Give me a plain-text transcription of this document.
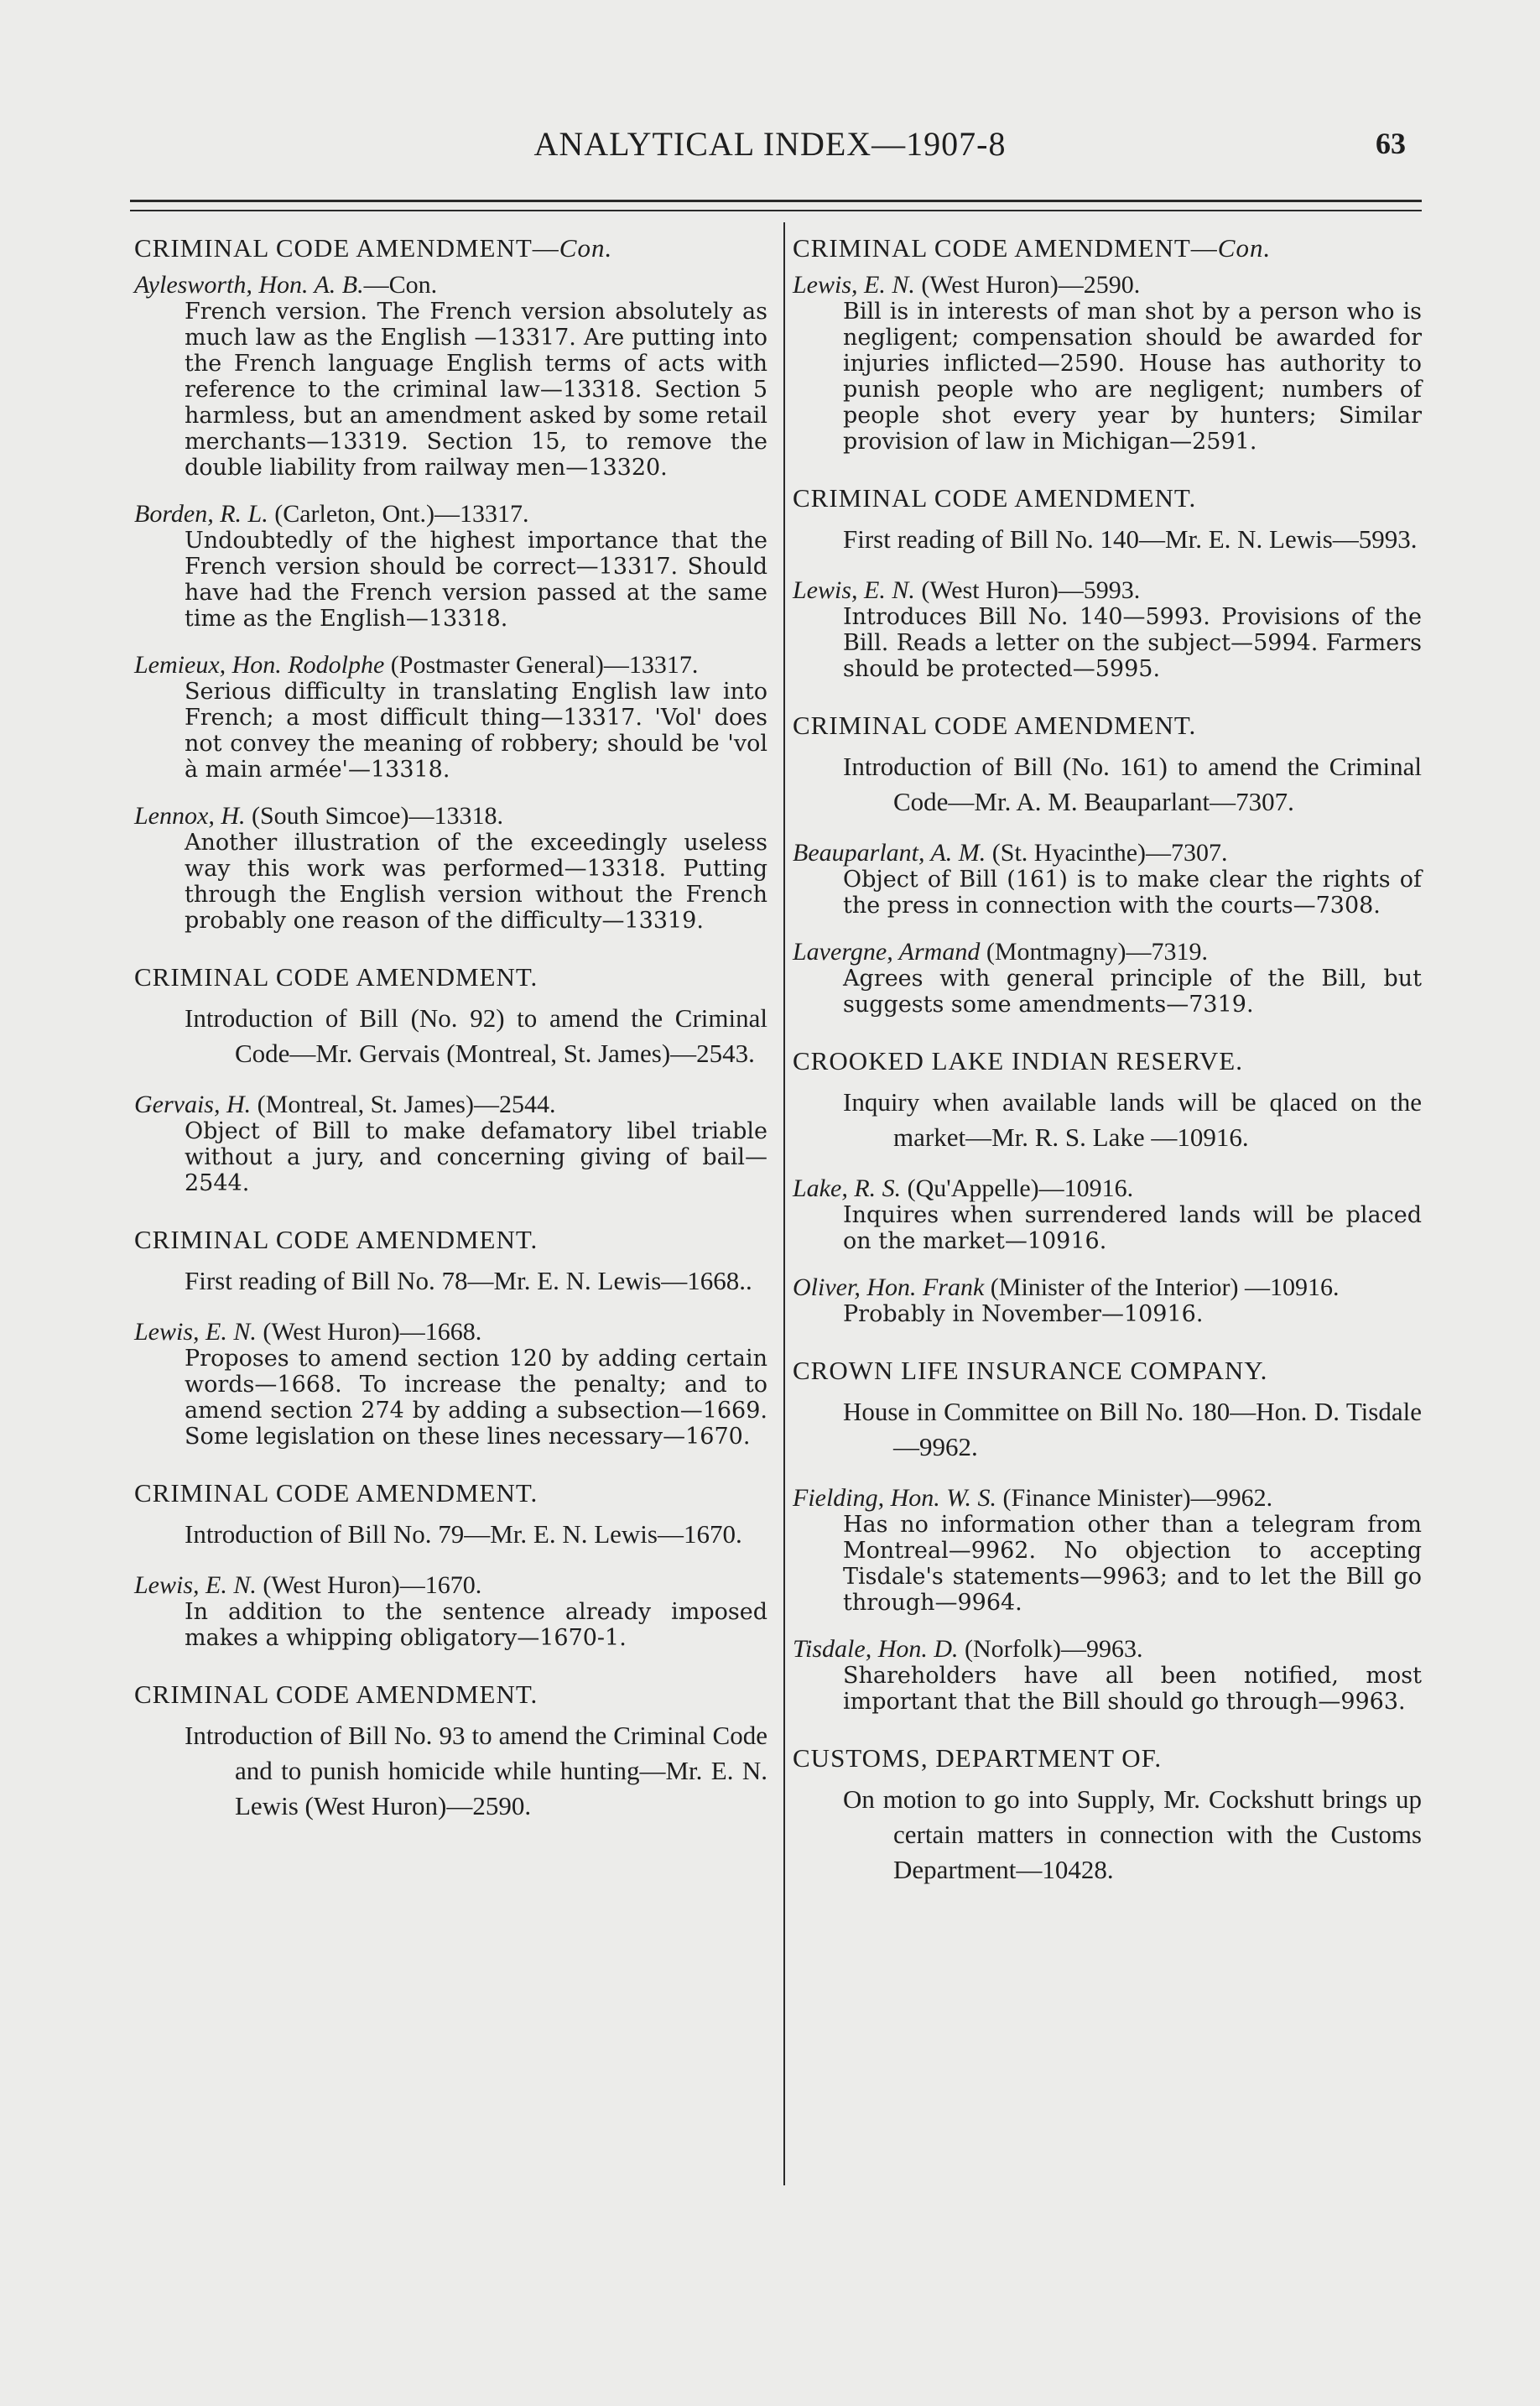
ANALYTICAL INDEX—1907-8	63
CRIMINAL CODE AMENDMENT—Con.
Aylesworth, Hon. A. B.—Con.
French version. The French version absolutely as much law as the English —13317. Are putting into the French language English terms of acts with reference to the criminal law—13318. Section 5 harmless, but an amendment asked by some retail merchants—13319. Section 15, to remove the double liability from railway men—13320.
Borden, R. L. (Carleton, Ont.)—13317.
Undoubtedly of the highest importance that the French version should be correct—13317. Should have had the French version passed at the same time as the English—13318.
Lemieux, Hon. Rodolphe (Postmaster General)—13317.
Serious difficulty in translating English law into French; a most difficult thing—13317. 'Vol' does not convey the meaning of robbery; should be 'vol à main armée'—13318.
Lennox, H. (South Simcoe)—13318.
Another illustration of the exceedingly useless way this work was performed—13318. Putting through the English version without the French probably one reason of the difficulty—13319.
CRIMINAL CODE AMENDMENT.
Introduction of Bill (No. 92) to amend the Criminal Code—Mr. Gervais (Montreal, St. James)—2543.
Gervais, H. (Montreal, St. James)—2544.
Object of Bill to make defamatory libel triable without a jury, and concerning giving of bail—2544.
CRIMINAL CODE AMENDMENT.
First reading of Bill No. 78—Mr. E. N. Lewis—1668..
Lewis, E. N. (West Huron)—1668.
Proposes to amend section 120 by adding certain words—1668. To increase the penalty; and to amend section 274 by adding a subsection—1669. Some legislation on these lines necessary—1670.
CRIMINAL CODE AMENDMENT.
Introduction of Bill No. 79—Mr. E. N. Lewis—1670.
Lewis, E. N. (West Huron)—1670.
In addition to the sentence already imposed makes a whipping obligatory—1670-1.
CRIMINAL CODE AMENDMENT.
Introduction of Bill No. 93 to amend the Criminal Code and to punish homicide while hunting—Mr. E. N. Lewis (West Huron)—2590.
CRIMINAL CODE AMENDMENT—Con.
Lewis, E. N. (West Huron)—2590.
Bill is in interests of man shot by a person who is negligent; compensation should be awarded for injuries inflicted—2590. House has authority to punish people who are negligent; numbers of people shot every year by hunters; Similar provision of law in Michigan—2591.
CRIMINAL CODE AMENDMENT.
First reading of Bill No. 140—Mr. E. N. Lewis—5993.
Lewis, E. N. (West Huron)—5993.
Introduces Bill No. 140—5993. Provisions of the Bill. Reads a letter on the subject—5994. Farmers should be protected—5995.
CRIMINAL CODE AMENDMENT.
Introduction of Bill (No. 161) to amend the Criminal Code—Mr. A. M. Beauparlant—7307.
Beauparlant, A. M. (St. Hyacinthe)—7307.
Object of Bill (161) is to make clear the rights of the press in connection with the courts—7308.
Lavergne, Armand (Montmagny)—7319.
Agrees with general principle of the Bill, but suggests some amendments—7319.
CROOKED LAKE INDIAN RESERVE.
Inquiry when available lands will be qlaced on the market—Mr. R. S. Lake —10916.
Lake, R. S. (Qu'Appelle)—10916.
Inquires when surrendered lands will be placed on the market—10916.
Oliver, Hon. Frank (Minister of the Interior) —10916.
Probably in November—10916.
CROWN LIFE INSURANCE COMPANY.
House in Committee on Bill No. 180—Hon. D. Tisdale—9962.
Fielding, Hon. W. S. (Finance Minister)—9962.
Has no information other than a telegram from Montreal—9962. No objection to accepting Tisdale's statements—9963; and to let the Bill go through—9964.
Tisdale, Hon. D. (Norfolk)—9963.
Shareholders have all been notified, most important that the Bill should go through—9963.
CUSTOMS, DEPARTMENT OF.
On motion to go into Supply, Mr. Cockshutt brings up certain matters in connection with the Customs Department—10428.
